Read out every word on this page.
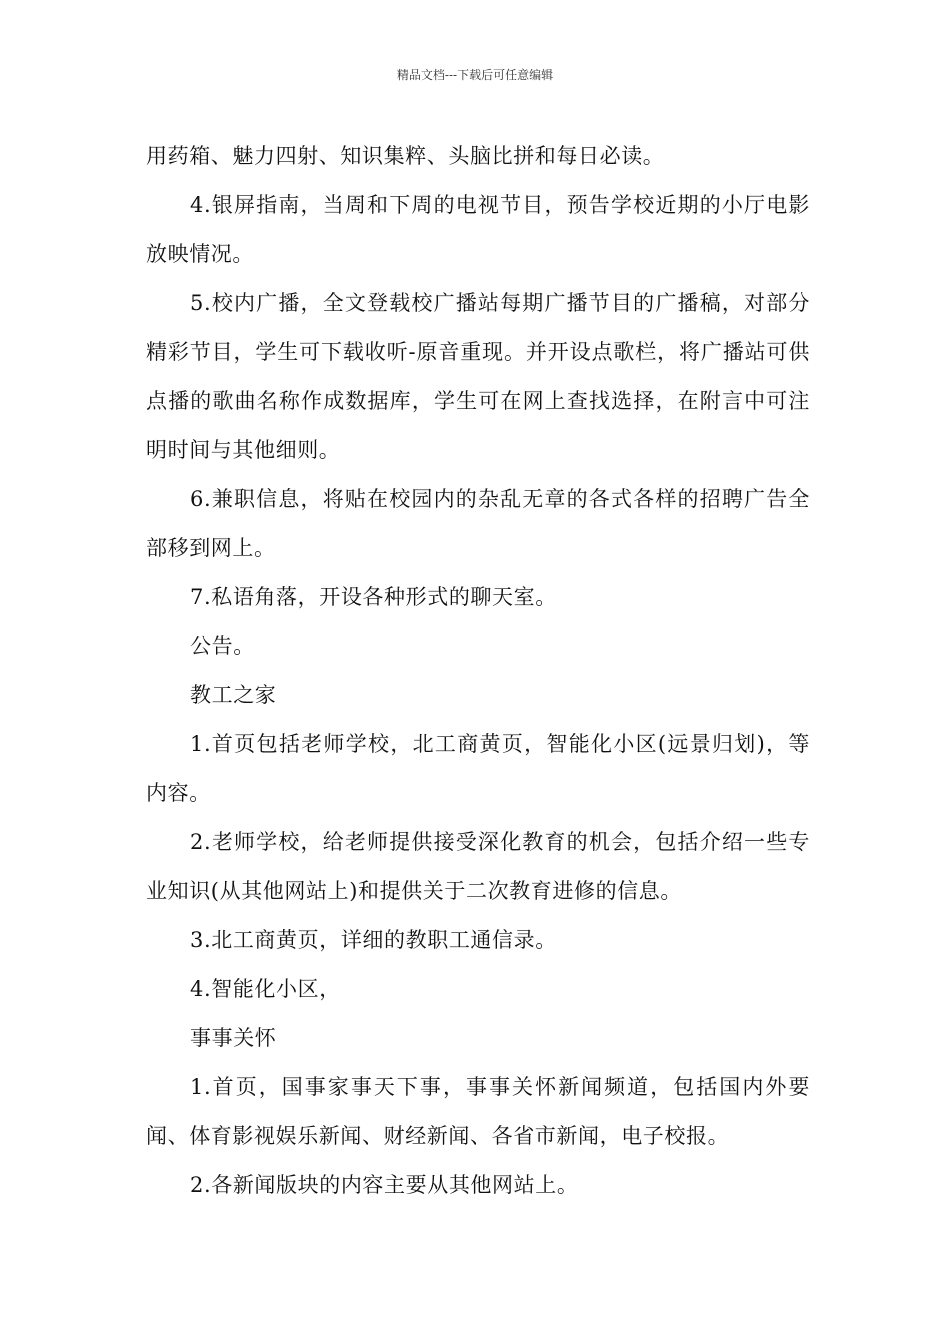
精品文档---下载后可任意编辑

用药箱、魅力四射、知识集粹、头脑比拼和每日必读。

4.银屏指南，当周和下周的电视节目，预告学校近期的小厅电影放映情况。

5.校内广播，全文登载校广播站每期广播节目的广播稿，对部分精彩节目，学生可下载收听-原音重现。并开设点歌栏，将广播站可供点播的歌曲名称作成数据库，学生可在网上查找选择，在附言中可注明时间与其他细则。

6.兼职信息，将贴在校园内的杂乱无章的各式各样的招聘广告全部移到网上。

7.私语角落，开设各种形式的聊天室。

公告。

教工之家

1.首页包括老师学校，北工商黄页，智能化小区(远景归划)，等内容。

2.老师学校，给老师提供接受深化教育的机会，包括介绍一些专业知识(从其他网站上)和提供关于二次教育进修的信息。

3.北工商黄页，详细的教职工通信录。

4.智能化小区，

事事关怀

1.首页，国事家事天下事，事事关怀新闻频道，包括国内外要闻、体育影视娱乐新闻、财经新闻、各省市新闻，电子校报。

2.各新闻版块的内容主要从其他网站上。
